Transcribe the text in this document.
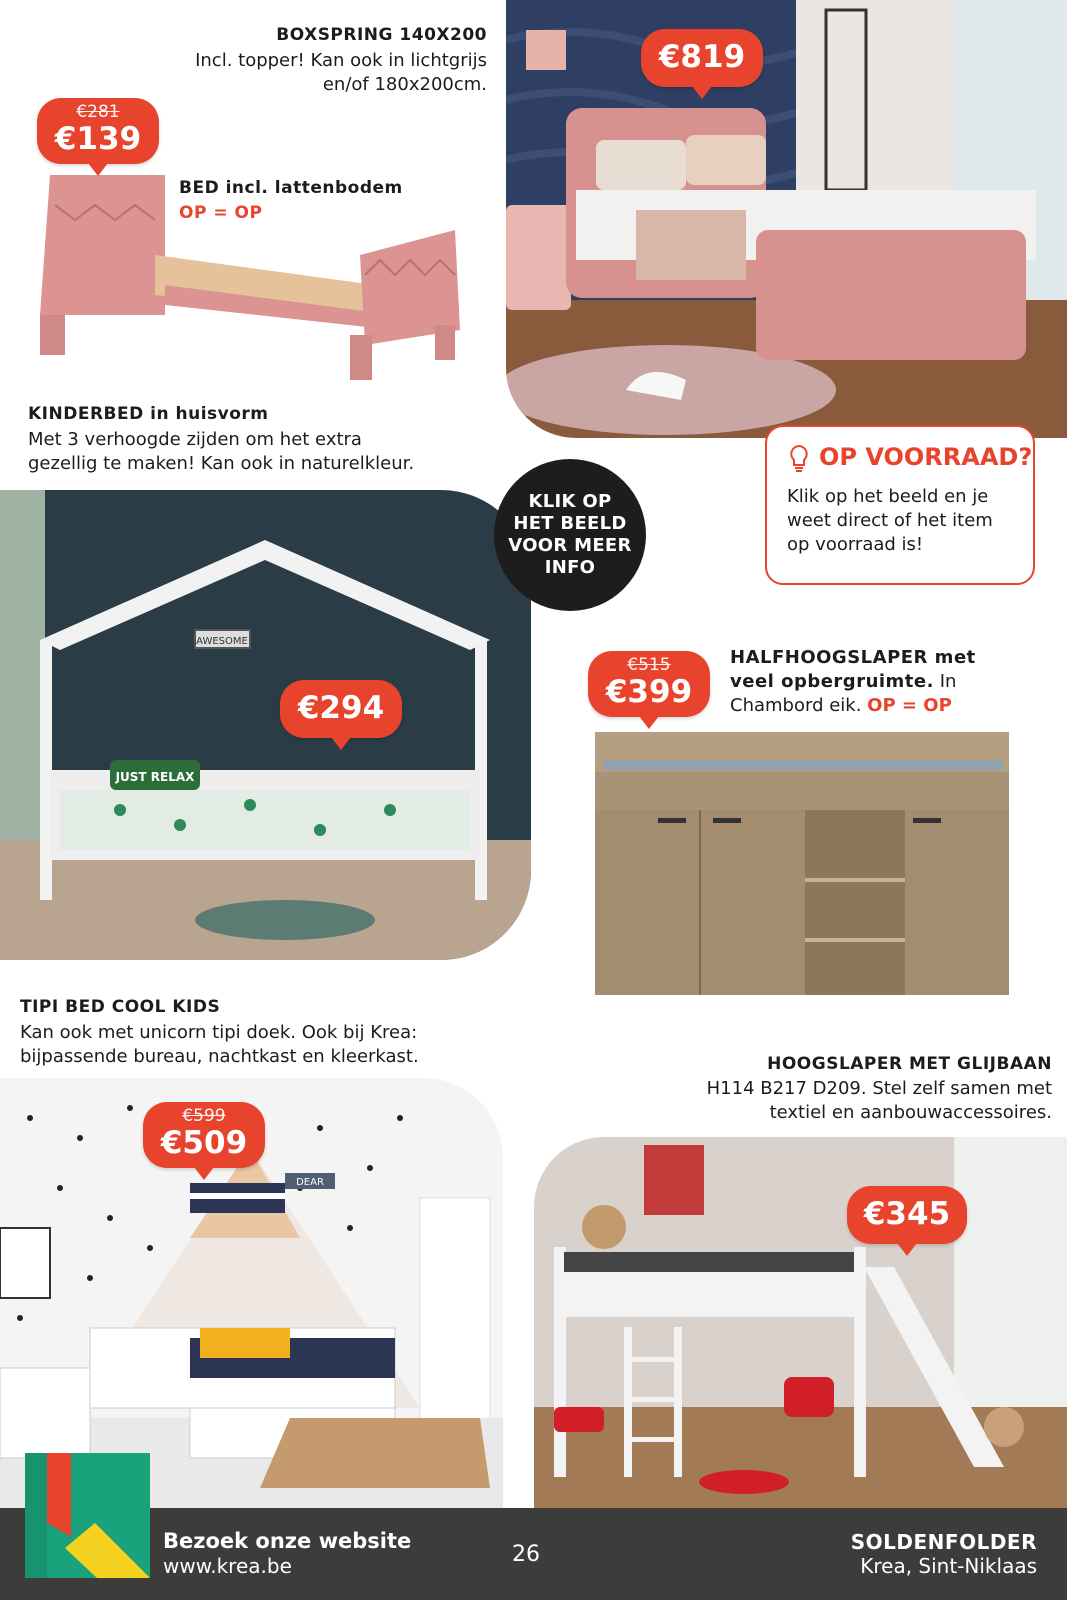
BOXSPRING 140X200
Incl. topper! Kan ook in lichtgrijs
en/of 180x200cm.
€819
€281
€139
BED incl. lattenbodem
OP = OP
KINDERBED in huisvorm
Met 3 verhoogde zijden om het extra
gezellig te maken! Kan ook in naturelkleur.
JUST RELAX
AWESOME
€294
KLIK OP
HET BEELD
VOOR MEER
INFO
OP VOORRAAD?
Klik op het beeld en je
weet direct of het item
op voorraad is!
€515
€399
HALFHOOGSLAPER met
veel opbergruimte. In
Chambord eik. OP = OP
TIPI BED COOL KIDS
Kan ook met unicorn tipi doek. Ook bij Krea:
bijpassende bureau, nachtkast en kleerkast.
DEAR
€599
€509
HOOGSLAPER MET GLIJBAAN
H114 B217 D209. Stel zelf samen met
textiel en aanbouwaccessoires.
€345
Bezoek onze website
www.krea.be	26	SOLDENFOLDER
Krea, Sint-Niklaas
